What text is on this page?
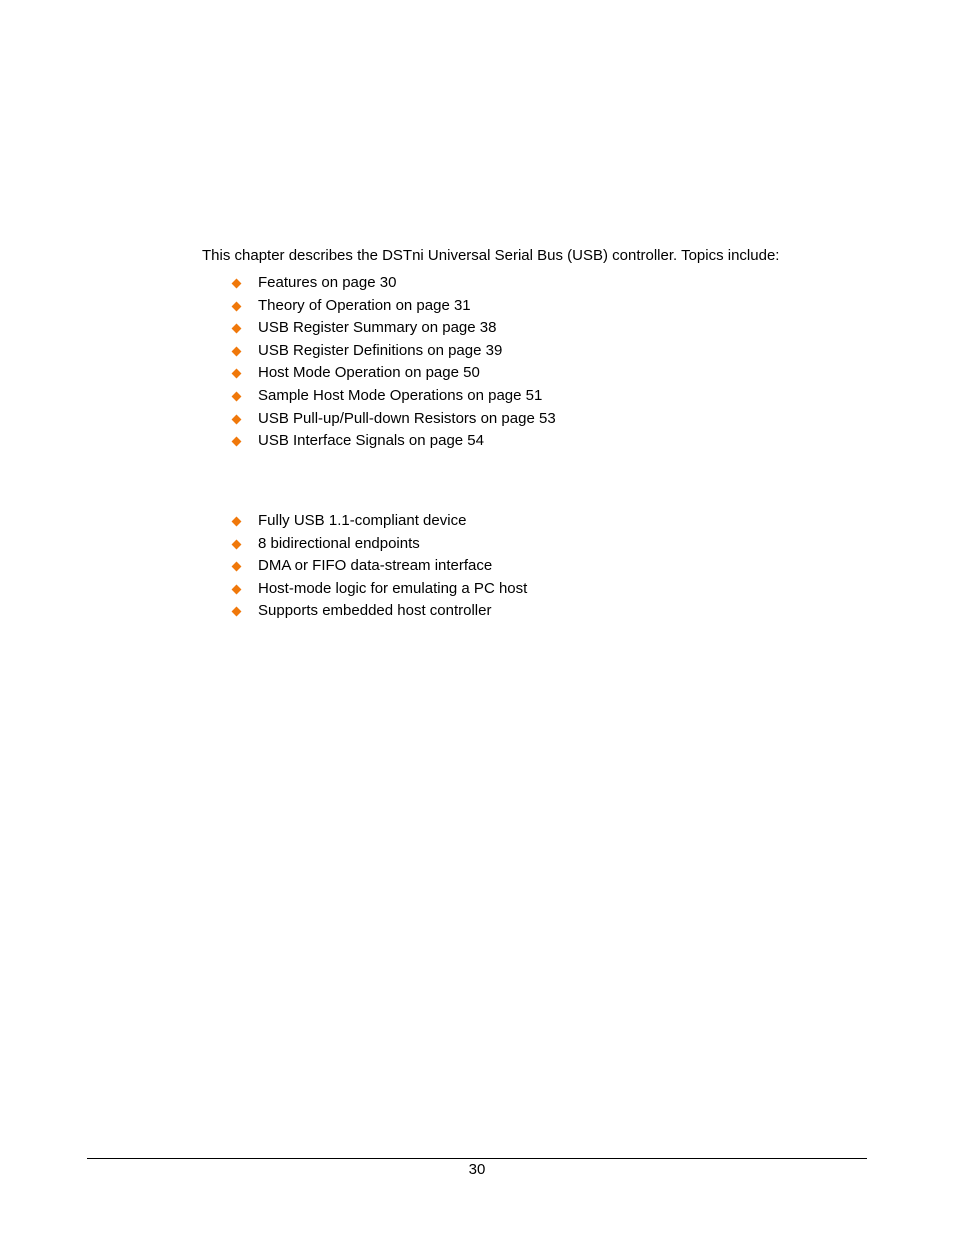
This chapter describes the DSTni Universal Serial Bus (USB) controller. Topics include:

Features on page 30
Theory of Operation on page 31
USB Register Summary on page 38
USB Register Definitions on page 39
Host Mode Operation on page 50
Sample Host Mode Operations on page 51
USB Pull-up/Pull-down Resistors on page 53
USB Interface Signals on page 54
Fully USB 1.1-compliant device
8 bidirectional endpoints
DMA or FIFO data-stream interface
Host-mode logic for emulating a PC host
Supports embedded host controller
30
